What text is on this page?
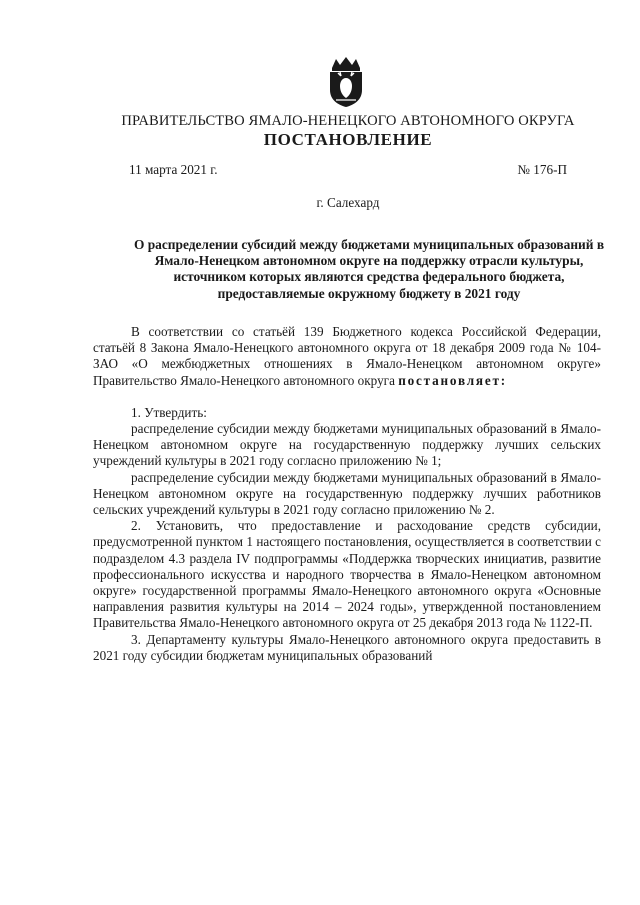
ПРАВИТЕЛЬСТВО ЯМАЛО-НЕНЕЦКОГО АВТОНОМНОГО ОКРУГА
ПОСТАНОВЛЕНИЕ
11 марта 2021 г.	№ 176-П
г. Салехард
О распределении субсидий между бюджетами муниципальных образований в Ямало-Ненецком автономном округе на поддержку отрасли культуры, источником которых являются средства федерального бюджета, предоставляемые окружному бюджету в 2021 году

В соответствии со статьёй 139 Бюджетного кодекса Российской Федерации, статьёй 8 Закона Ямало-Ненецкого автономного округа от 18 декабря 2009 года № 104-ЗАО «О межбюджетных отношениях в Ямало-Ненецком автономном округе» Правительство Ямало-Ненецкого автономного округа постановляет:

1. Утвердить:

распределение субсидии между бюджетами муниципальных образований в Ямало-Ненецком автономном округе на государственную поддержку лучших сельских учреждений культуры в 2021 году согласно приложению № 1;

распределение субсидии между бюджетами муниципальных образований в Ямало-Ненецком автономном округе на государственную поддержку лучших работников сельских учреждений культуры в 2021 году согласно приложению № 2.

2. Установить, что предоставление и расходование средств субсидии, предусмотренной пунктом 1 настоящего постановления, осуществляется в соответствии с подразделом 4.3 раздела IV подпрограммы «Поддержка творческих инициатив, развитие профессионального искусства и народного творчества в Ямало-Ненецком автономном округе» государственной программы Ямало-Ненецкого автономного округа «Основные направления развития культуры на 2014 – 2024 годы», утвержденной постановлением Правительства Ямало-Ненецкого автономного округа от 25 декабря 2013 года № 1122-П.

3. Департаменту культуры Ямало-Ненецкого автономного округа предоставить в 2021 году субсидии бюджетам муниципальных образований
